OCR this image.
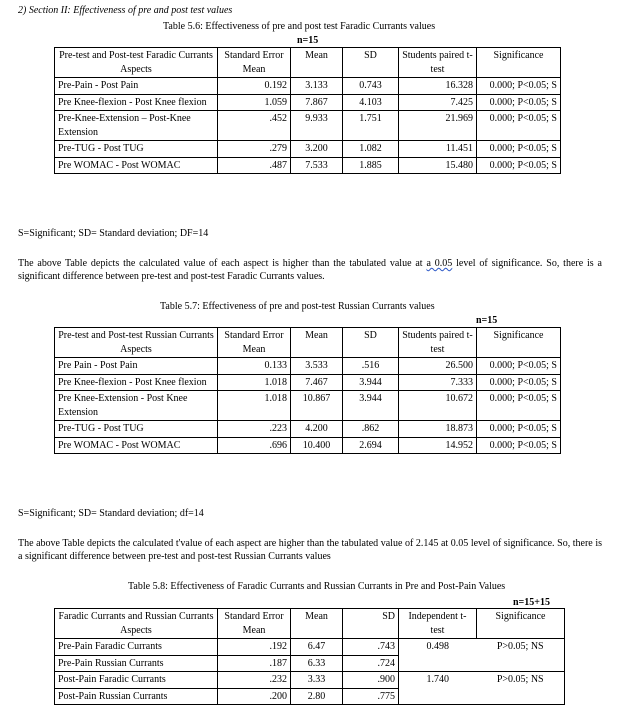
2) Section II: Effectiveness of pre and post test values
Table 5.6: Effectiveness of pre and post test Faradic Currants values
n=15
Pre-test and Post-test Faradic Currants Aspects	Standard Error Mean	Mean	SD	Students paired t-test	Significance
Pre-Pain - Post Pain	0.192	3.133	0.743	16.328	0.000; P<0.05; S
Pre Knee-flexion - Post Knee flexion	1.059	7.867	4.103	7.425	0.000; P<0.05; S
Pre-Knee-Extension – Post-Knee Extension	.452	9.933	1.751	21.969	0.000; P<0.05; S
Pre-TUG - Post TUG	.279	3.200	1.082	11.451	0.000; P<0.05; S
Pre WOMAC - Post WOMAC	.487	7.533	1.885	15.480	0.000; P<0.05; S
S=Significant; SD= Standard deviation; DF=14
The above Table depicts the calculated value of each aspect is higher than the tabulated value at a 0.05 level of significance. So, there is a significant difference between pre-test and post-test Faradic Currants values.
Table 5.7: Effectiveness of pre and post-test Russian Currants values
n=15
Pre-test and Post-test Russian Currants Aspects	Standard Error Mean	Mean	SD	Students paired t-test	Significance
Pre Pain - Post Pain	0.133	3.533	.516	26.500	0.000; P<0.05; S
Pre Knee-flexion - Post Knee flexion	1.018	7.467	3.944	7.333	0.000; P<0.05; S
Pre Knee-Extension - Post Knee Extension	1.018	10.867	3.944	10.672	0.000; P<0.05; S
Pre-TUG - Post TUG	.223	4.200	.862	18.873	0.000; P<0.05; S
Pre WOMAC - Post WOMAC	.696	10.400	2.694	14.952	0.000; P<0.05; S
S=Significant; SD= Standard deviation; df=14
The above Table depicts the calculated t'value of each aspect are higher than the tabulated value of 2.145 at 0.05 level of significance. So, there is a significant difference between pre-test and post-test Russian Currants values
Table 5.8: Effectiveness of Faradic Currants and Russian Currants in Pre and Post-Pain Values
n=15+15
Faradic Currants and Russian Currants Aspects	Standard Error Mean	Mean	SD	Independent t-test	Significance
Pre-Pain Faradic Currants	.192	6.47	.743	0.498	P>0.05; NS
Pre-Pain Russian Currants	.187	6.33	.724		
Post-Pain Faradic Currants	.232	3.33	.900	1.740	P>0.05; NS
Post-Pain Russian Currants	.200	2.80	.775		
